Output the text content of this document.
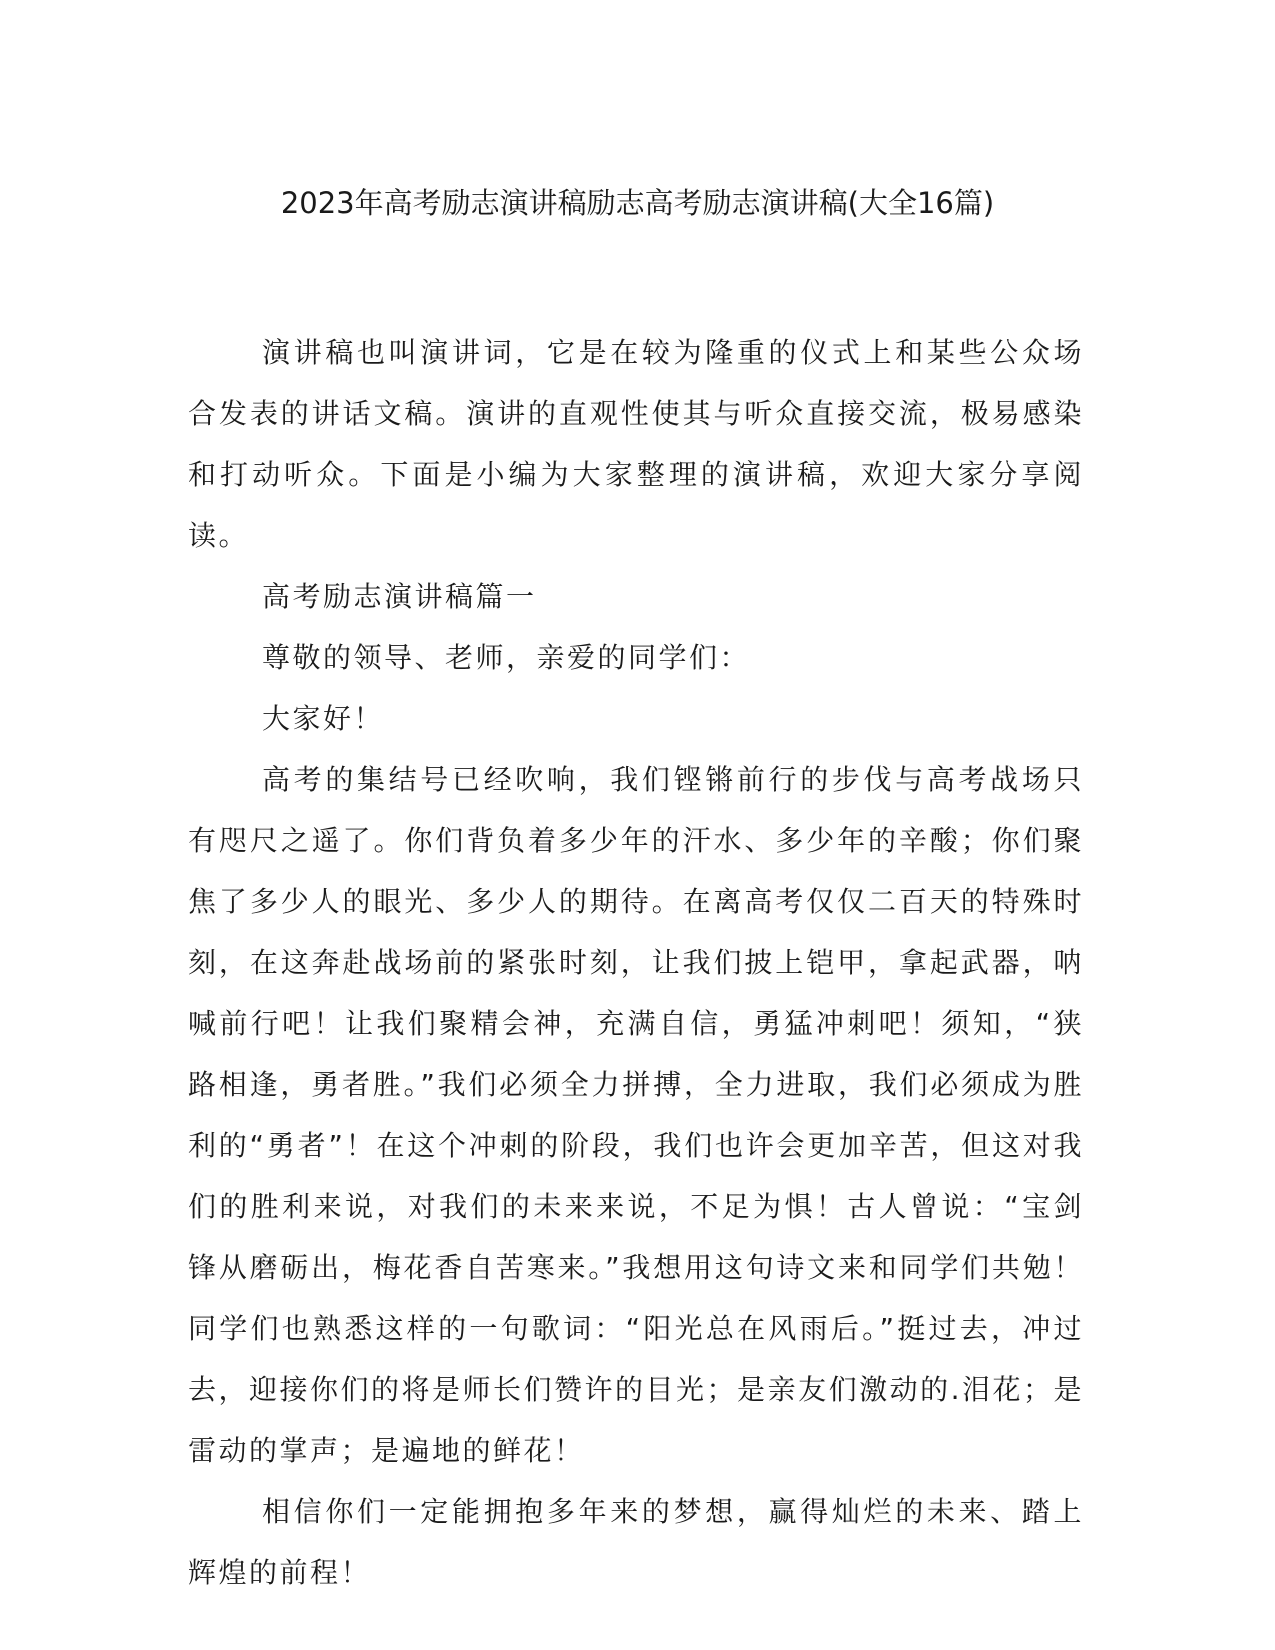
2023年高考励志演讲稿励志高考励志演讲稿(大全16篇)

演讲稿也叫演讲词，它是在较为隆重的仪式上和某些公众场合发表的讲话文稿。演讲的直观性使其与听众直接交流，极易感染和打动听众。下面是小编为大家整理的演讲稿，欢迎大家分享阅读。

高考励志演讲稿篇一

尊敬的领导、老师，亲爱的同学们：

大家好！

高考的集结号已经吹响，我们铿锵前行的步伐与高考战场只有咫尺之遥了。你们背负着多少年的汗水、多少年的辛酸；你们聚焦了多少人的眼光、多少人的期待。在离高考仅仅二百天的特殊时刻，在这奔赴战场前的紧张时刻，让我们披上铠甲，拿起武器，呐喊前行吧！让我们聚精会神，充满自信，勇猛冲刺吧！须知，“狭路相逢，勇者胜。”我们必须全力拼搏，全力进取，我们必须成为胜利的“勇者”！在这个冲刺的阶段，我们也许会更加辛苦，但这对我们的胜利来说，对我们的未来来说，不足为惧！古人曾说：“宝剑锋从磨砺出，梅花香自苦寒来。”我想用这句诗文来和同学们共勉！同学们也熟悉这样的一句歌词：“阳光总在风雨后。”挺过去，冲过去，迎接你们的将是师长们赞许的目光；是亲友们激动的.泪花；是雷动的掌声；是遍地的鲜花！

相信你们一定能拥抱多年来的梦想，赢得灿烂的未来、踏上辉煌的前程！
